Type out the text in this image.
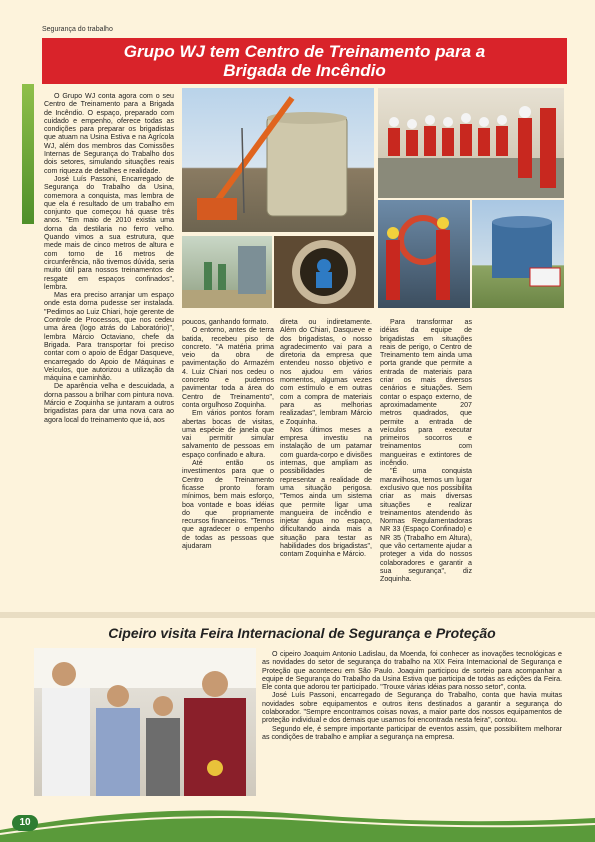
Segurança do trabalho
Grupo WJ tem Centro de Treinamento para a
Brigada de Incêndio

O Grupo WJ conta agora com o seu Centro de Treinamento para a Brigada de Incêndio. O espaço, preparado com cuidado e empenho, oferece todas as condições para preparar os brigadistas que atuam na Usina Estiva e na Agrícola WJ, além dos membros das Comissões Internas de Segurança do Trabalho dos dois setores, simulando situações reais com riqueza de detalhes e realidade.

José Luís Passoni, Encarregado de Segurança do Trabalho da Usina, comemora a conquista, mas lembra de que ela é resultado de um trabalho em conjunto que começou há quase três anos. "Em maio de 2010 existia uma dorna da destilaria no ferro velho. Quando vimos a sua estrutura, que mede mais de cinco metros de altura e com torno de 16 metros de circunferência, não tivemos dúvida, seria muito útil para nossos treinamentos de resgate em espaços confinados", lembra.

Mas era preciso arranjar um espaço onde esta dorna pudesse ser instalada. "Pedimos ao Luiz Chiari, hoje gerente de Controle de Processos, que nos cedeu uma área (logo atrás do Laboratório)", lembra Márcio Octaviano, chefe da Brigada. Para transportar foi preciso contar com o apoio de Édgar Dasqueve, encarregado do Apoio de Máquinas e Veículos, que autorizou a utilização da máquina e caminhão.

De aparência velha e descuidada, a dorna passou a brilhar com pintura nova. Márcio e Zoquinha se juntaram a outros brigadistas para dar uma nova cara ao agora local do treinamento que iá, aos

poucos, ganhando formato.

O entorno, antes de terra batida, recebeu piso de concreto. "A matéria prima veio da obra de pavimentação do Armazém 4. Luiz Chiari nos cedeu o concreto e pudemos pavimentar toda a área do Centro de Treinamento", conta orgulhoso Zoquinha.

Em vários pontos foram abertas bocas de visitas, uma espécie de janela que vai permitir simular salvamento de pessoas em espaço confinado e altura.

Até então os investimentos para que o Centro de Treinamento ficasse pronto foram mínimos, bem mais esforço, boa vontade e boas idéias do que propriamente recursos financeiros. "Temos que agradecer o empenho de todas as pessoas que ajudaram

direta ou indiretamente. Além do Chiari, Dasqueve e dos brigadistas, o nosso agradecimento vai para a diretoria da empresa que entendeu nosso objetivo e nos ajudou em vários momentos, algumas vezes com estímulo e em outras com a compra de materiais para as melhorias realizadas", lembram Márcio e Zoquinha.

Nos últimos meses a empresa investiu na instalação de um patamar com guarda-corpo e divisões internas, que ampliam as possibilidades de representar a realidade de uma situação perigosa. "Temos ainda um sistema que permite ligar uma mangueira de incêndio e injetar água no espaço, dificultando ainda mais a situação para testar as habilidades dos brigadistas", contam Zoquinha e Márcio.

Para transformar as idéias da equipe de brigadistas em situações reais de perigo, o Centro de Treinamento tem ainda uma porta grande que permite a entrada de materiais para criar os mais diversos cenários e situações. Sem contar o espaço externo, de aproximadamente 207 metros quadrados, que permite a entrada de veículos para executar primeiros socorros e treinamentos com mangueiras e extintores de incêndio.

"É uma conquista maravilhosa, temos um lugar exclusivo que nos possibilita criar as mais diversas situações e realizar treinamentos atendendo às Normas Regulamentadoras NR 33 (Espaço Confinado) e NR 35 (Trabalho em Altura), que vão certamente ajudar a proteger a vida do nossos colaboradores e garantir a sua segurança", diz Zoquinha.

Cipeiro visita Feira Internacional de Segurança e Proteção

O cipeiro Joaquim Antonio Ladislau, da Moenda, foi conhecer as inovações tecnológicas e as novidades do setor de segurança do trabalho na XIX Feira Internacional de Segurança e Proteção que aconteceu em São Paulo. Joaquim participou de sorteio para acompanhar a equipe de Segurança do Trabalho da Usina Estiva que participa de todas as edições da Feira. Ele conta que adorou ter participado. "Trouxe várias idéias para nosso setor", conta.

José Luís Passoni, encarregado de Segurança do Trabalho, conta que havia muitas novidades sobre equipamentos e outros itens destinados a garantir a segurança do colaborador. "Sempre encontramos coisas novas, a maior parte dos nossos equipamentos de proteção individual e dos demais que usamos foi encontrada nesta feira", contou.

Segundo ele, é sempre importante participar de eventos assim, que possibilitem melhorar as condições de trabalho e ampliar a segurança na empresa.

10
